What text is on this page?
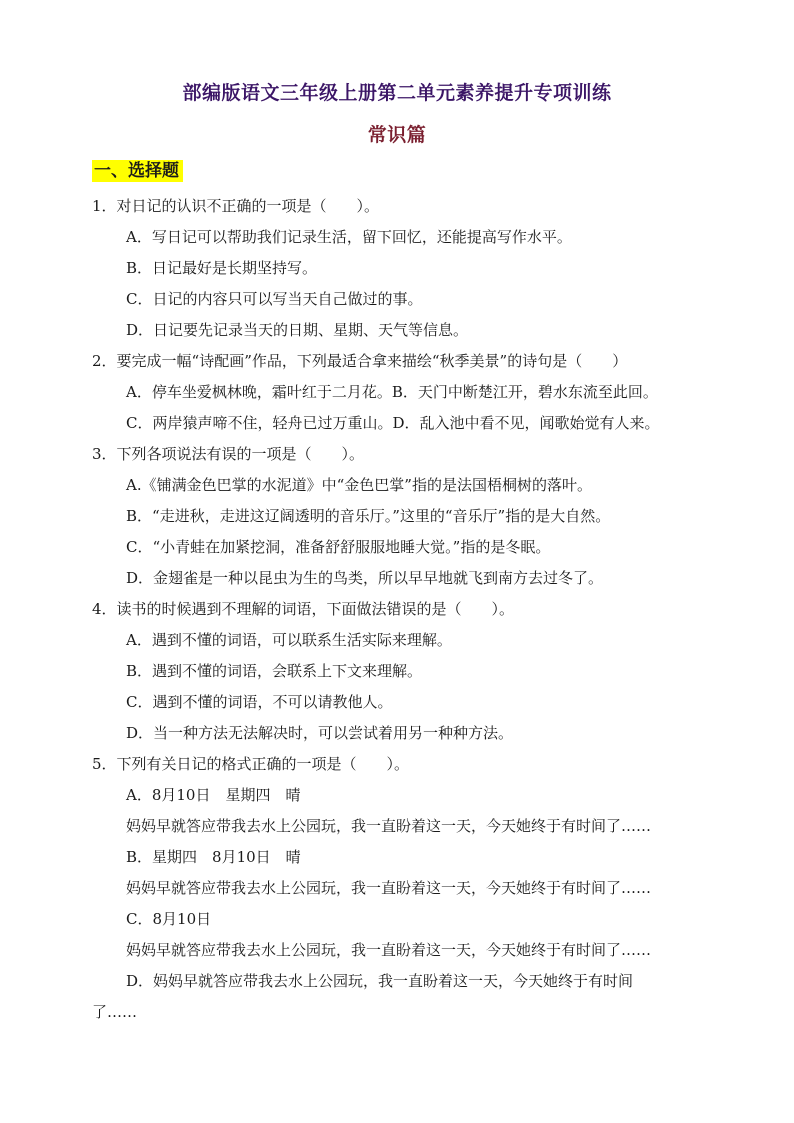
部编版语文三年级上册第二单元素养提升专项训练
常识篇
一、选择题
1．对日记的认识不正确的一项是（　　）。
A．写日记可以帮助我们记录生活，留下回忆，还能提高写作水平。
B．日记最好是长期坚持写。
C．日记的内容只可以写当天自己做过的事。
D．日记要先记录当天的日期、星期、天气等信息。
2．要完成一幅“诗配画”作品，下列最适合拿来描绘“秋季美景”的诗句是（　　）
A．停车坐爱枫林晚，霜叶红于二月花。B．天门中断楚江开，碧水东流至此回。
C．两岸猿声啼不住，轻舟已过万重山。D．乱入池中看不见，闻歌始觉有人来。
3．下列各项说法有误的一项是（　　）。
A.《铺满金色巴掌的水泥道》中“金色巴掌”指的是法国梧桐树的落叶。
B．“走进秋，走进这辽阔透明的音乐厅。”这里的“音乐厅”指的是大自然。
C．“小青蛙在加紧挖洞，准备舒舒服服地睡大觉。”指的是冬眠。
D．金翅雀是一种以昆虫为生的鸟类，所以早早地就飞到南方去过冬了。
4．读书的时候遇到不理解的词语，下面做法错误的是（　　）。
A．遇到不懂的词语，可以联系生活实际来理解。
B．遇到不懂的词语，会联系上下文来理解。
C．遇到不懂的词语，不可以请教他人。
D．当一种方法无法解决时，可以尝试着用另一种种方法。
5．下列有关日记的格式正确的一项是（　　）。
A．8月10日　星期四　晴
妈妈早就答应带我去水上公园玩，我一直盼着这一天，今天她终于有时间了……
B．星期四　8月10日　晴
妈妈早就答应带我去水上公园玩，我一直盼着这一天，今天她终于有时间了……
C．8月10日
妈妈早就答应带我去水上公园玩，我一直盼着这一天，今天她终于有时间了……
D．妈妈早就答应带我去水上公园玩，我一直盼着这一天，今天她终于有时间
了……
